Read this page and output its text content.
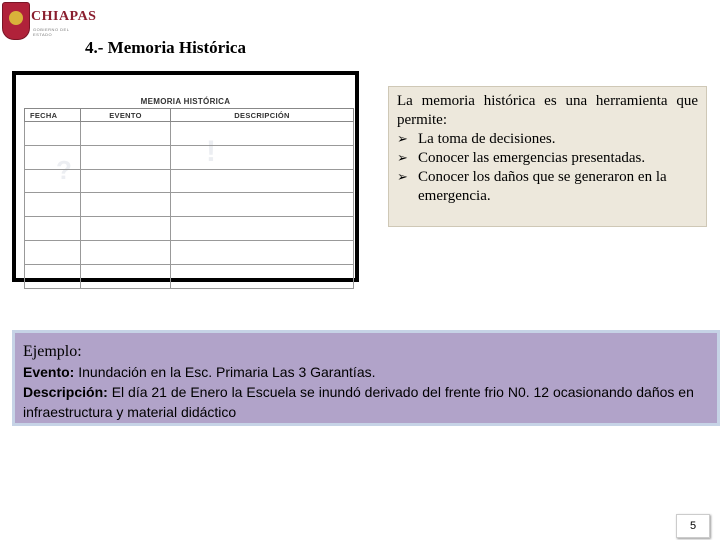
CHIAPAS
GOBIERNO DEL ESTADO
4.- Memoria Histórica
?
!
MEMORIA HISTÓRICA
FECHA	EVENTO	DESCRIPCIÓN

La memoria histórica es una herramienta que permite:
➢ La toma de decisiones.
➢ Conocer las emergencias presentadas.
➢ Conocer los daños que se generaron en la emergencia.
Ejemplo:
Evento: Inundación en la Esc. Primaria Las 3 Garantías.
Descripción: El día 21 de Enero la Escuela se inundó derivado del frente frio N0. 12 ocasionando daños en infraestructura y material didáctico
5
